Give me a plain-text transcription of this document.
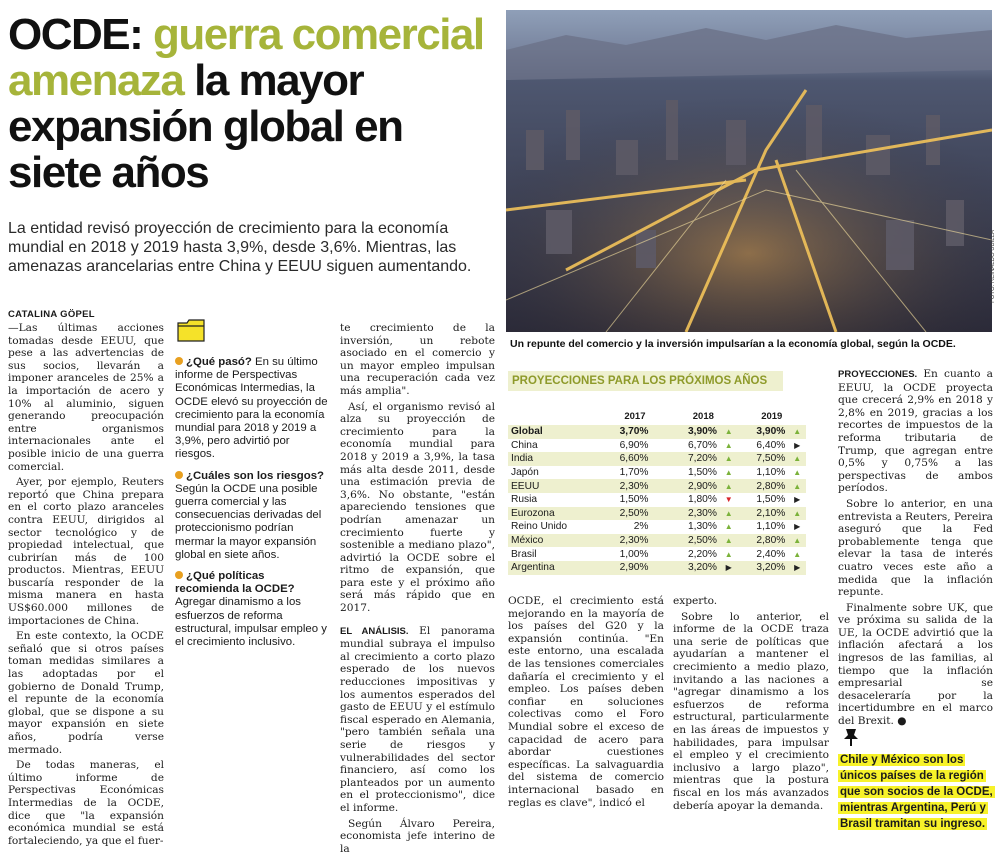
OCDE: guerra comercial amenaza la mayor expansión global en siete años
La entidad revisó proyección de crecimiento para la economía mundial en 2018 y 2019 hasta 3,9%, desde 3,6%. Mientras, las amenazas arancelarias entre China y EEUU siguen aumentando.	FOTO: REINALDO UBILLA
Un repunte del comercio y la inversión impulsarían a la economía global, según la OCDE.
CATALINA GÖPEL

—Las últimas acciones tomadas desde EEUU, que pese a las advertencias de sus socios, llevarán a imponer aranceles de 25% a la importación de acero y 10% al aluminio, siguen generando preocupación entre organismos internacionales ante el posible inicio de una guerra comercial.

Ayer, por ejemplo, Reuters reportó que China prepara en el corto plazo aranceles contra EEUU, dirigidos al sector tecnológico y de propiedad intelectual, que cubrirían más de 100 productos. Mientras, EEUU buscaría responder de la misma manera en hasta US$60.000 millones de importaciones de China.

En este contexto, la OCDE señaló que si otros países toman medidas similares a las adoptadas por el gobierno de Donald Trump, el repunte de la economía global, que se dispone a su mayor expansión en siete años, podría verse mermado.

De todas maneras, el último informe de Perspectivas Económicas Intermedias de la OCDE, dice que "la expansión económica mundial se está fortaleciendo, ya que el fuer-

¿Qué pasó? En su último informe de Perspectivas Económicas Intermedias, la OCDE elevó su proyección de crecimiento para la economía mundial para 2018 y 2019 a 3,9%, pero advirtió por riesgos.

¿Cuáles son los riesgos? Según la OCDE una posible guerra comercial y las consecuencias derivadas del proteccionismo podrían mermar la mayor expansión global en siete años.

¿Qué políticas recomienda la OCDE? Agregar dinamismo a los esfuerzos de reforma estructural, impulsar empleo y el crecimiento inclusivo.

te crecimiento de la inversión, un rebote asociado en el comercio y un mayor empleo impulsan una recuperación cada vez más amplia".

Así, el organismo revisó al alza su proyección de crecimiento para la economía mundial para 2018 y 2019 a 3,9%, la tasa más alta desde 2011, desde una estimación previa de 3,6%. No obstante, "están apareciendo tensiones que podrían amenazar un crecimiento fuerte y sostenible a mediano plazo", advirtió la OCDE sobre el ritmo de expansión, que para este y el próximo año será más rápido que en 2017.

EL ANÁLISIS. El panorama mundial subraya el impulso al crecimiento a corto plazo esperado de los nuevos reducciones impositivas y los aumentos esperados del gasto de EEUU y el estímulo fiscal esperado en Alemania, "pero también señala una serie de riesgos y vulnerabilidades del sector financiero, así como los planteados por un aumento en el proteccionismo", dice el informe.

Según Álvaro Pereira, economista jefe interino de la

PROYECCIONES PARA LOS PRÓXIMOS AÑOS
	2017		2018		2019	
Global	3,70%		3,90%	▲	3,90%	▲
China	6,90%		6,70%	▲	6,40%	▶
India	6,60%		7,20%	▲	7,50%	▲
Japón	1,70%		1,50%	▲	1,10%	▲
EEUU	2,30%		2,90%	▲	2,80%	▲
Rusia	1,50%		1,80%	▼	1,50%	▶
Eurozona	2,50%		2,30%	▲	2,10%	▲
Reino Unido	2%		1,30%	▲	1,10%	▶
México	2,30%		2,50%	▲	2,80%	▲
Brasil	1,00%		2,20%	▲	2,40%	▲
Argentina	2,90%		3,20%	▶	3,20%	▶

OCDE, el crecimiento está mejorando en la mayoría de los países del G20 y la expansión continúa. "En este entorno, una escalada de las tensiones comerciales dañaría el crecimiento y el empleo. Los países deben confiar en soluciones colectivas como el Foro Mundial sobre el exceso de capacidad de acero para abordar cuestiones específicas. La salvaguardia del sistema de comercio internacional basado en reglas es clave", indicó el

experto.

Sobre lo anterior, el informe de la OCDE traza una serie de políticas que ayudarían a mantener el crecimiento a medio plazo, invitando a las naciones a "agregar dinamismo a los esfuerzos de reforma estructural, particularmente en las áreas de impuestos y habilidades, para impulsar el empleo y el crecimiento inclusivo a largo plazo", mientras que la postura fiscal en los más avanzados debería apoyar la demanda.

PROYECCIONES. En cuanto a EEUU, la OCDE proyecta que crecerá 2,9% en 2018 y 2,8% en 2019, gracias a los recortes de impuestos de la reforma tributaria de Trump, que agregan entre 0,5% y 0,75% a las perspectivas de ambos períodos.

Sobre lo anterior, en una entrevista a Reuters, Pereira aseguró que la Fed probablemente tenga que elevar la tasa de interés cuatro veces este año a medida que la inflación repunte.

Finalmente sobre UK, que ve próxima su salida de la UE, la OCDE advirtió que la inflación afectará a los ingresos de las familias, al tiempo que la inflación empresarial se desaceleraría por la incertidumbre en el marco del Brexit. ●

Chile y México son los únicos países de la región que son socios de la OCDE, mientras Argentina, Perú y Brasil tramitan su ingreso.
